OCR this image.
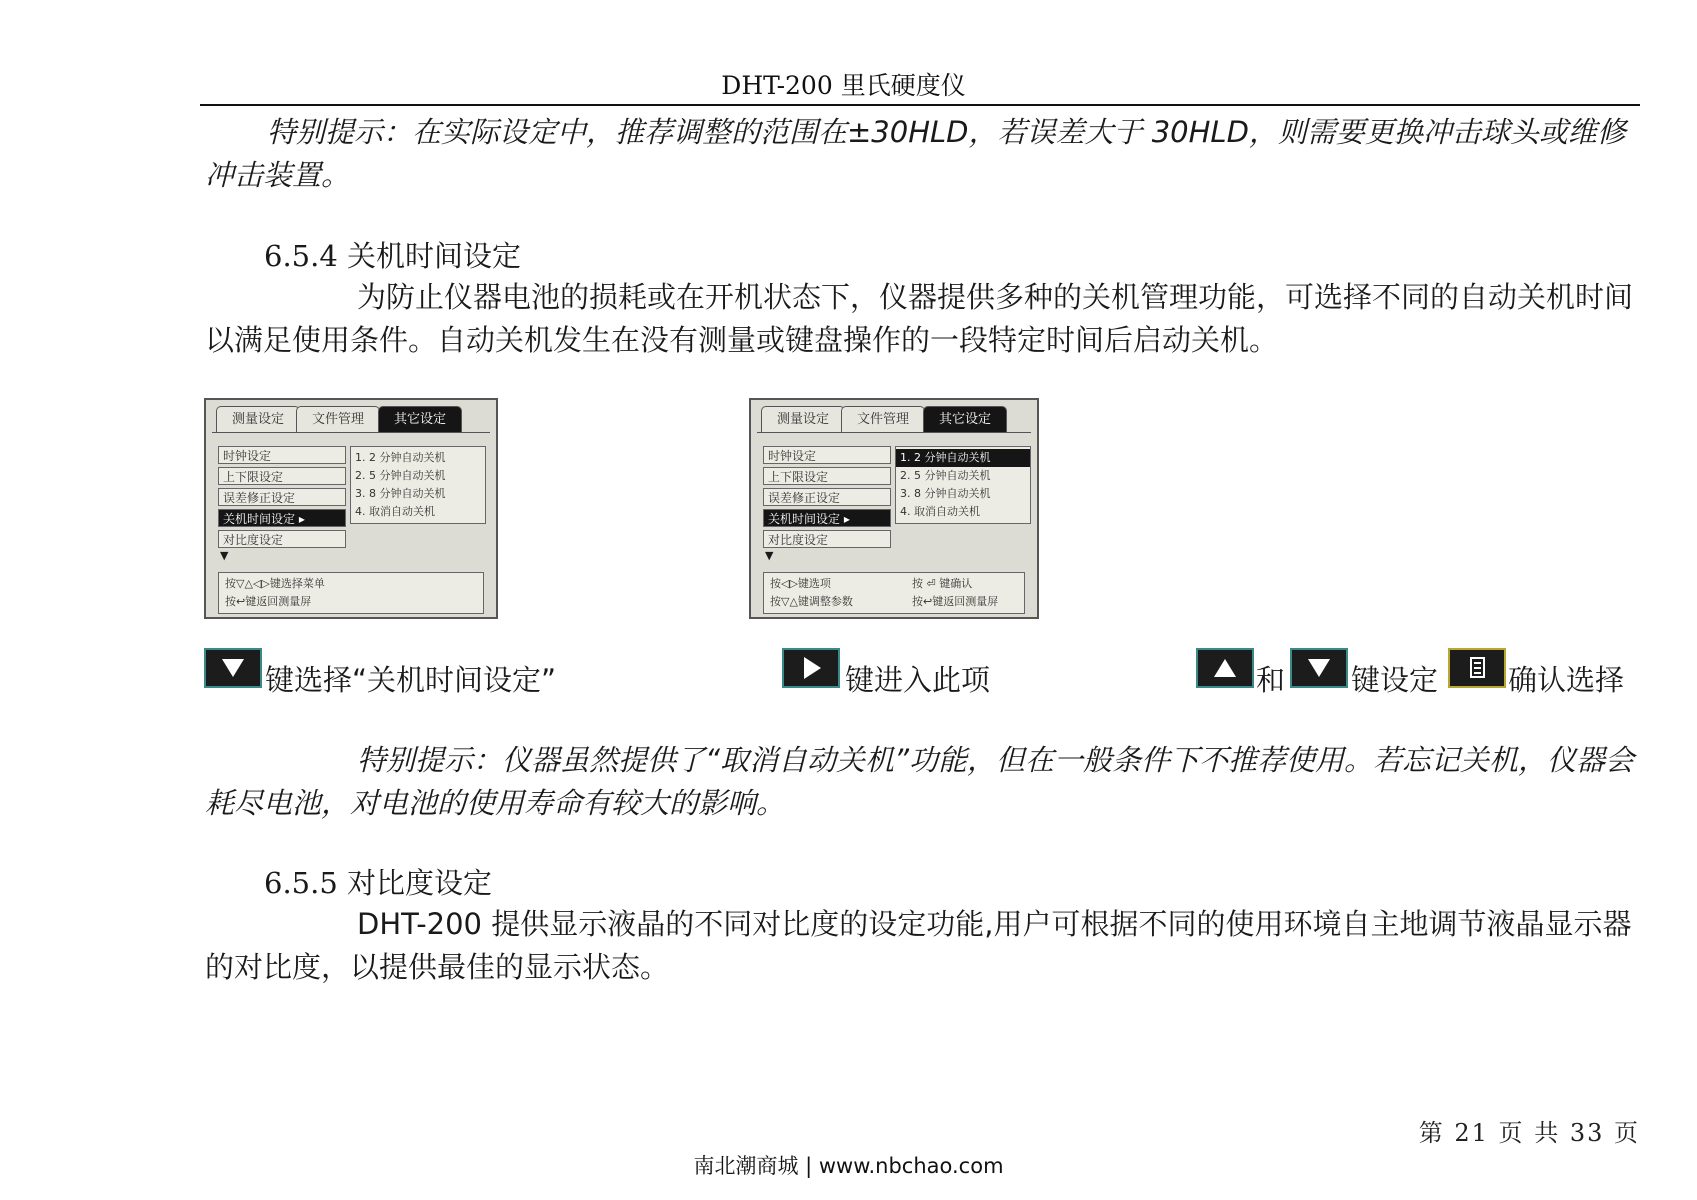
DHT-200 里氏硬度仪
特别提示：在实际设定中，推荐调整的范围在±30HLD，若误差大于 30HLD，则需要更换冲击球头或维修冲击装置。
6.5.4 关机时间设定
为防止仪器电池的损耗或在开机状态下，仪器提供多种的关机管理功能，可选择不同的自动关机时间以满足使用条件。自动关机发生在没有测量或键盘操作的一段特定时间后启动关机。
测量设定	文件管理	其它设定
时钟设定
上下限设定
误差修正设定
关机时间设定 ▸
对比度设定
▼
1. 2 分钟自动关机
2. 5 分钟自动关机
3. 8 分钟自动关机
4. 取消自动关机
按▽△◁▷键选择菜单
按↩键返回测量屏
测量设定	文件管理	其它设定
时钟设定
上下限设定
误差修正设定
关机时间设定 ▸
对比度设定
▼
1. 2 分钟自动关机
2. 5 分钟自动关机
3. 8 分钟自动关机
4. 取消自动关机
按◁▷键选项
按▽△键调整参数
按 ⏎ 键确认
按↩键返回测量屏
键选择“关机时间设定”	键进入此项	和 键设定 确认选择
特别提示：仪器虽然提供了“取消自动关机”功能，但在一般条件下不推荐使用。若忘记关机，仪器会耗尽电池，对电池的使用寿命有较大的影响。
6.5.5 对比度设定
DHT-200 提供显示液晶的不同对比度的设定功能,用户可根据不同的使用环境自主地调节液晶显示器的对比度，以提供最佳的显示状态。
第 21 页 共 33 页
南北潮商城 | www.nbchao.com
